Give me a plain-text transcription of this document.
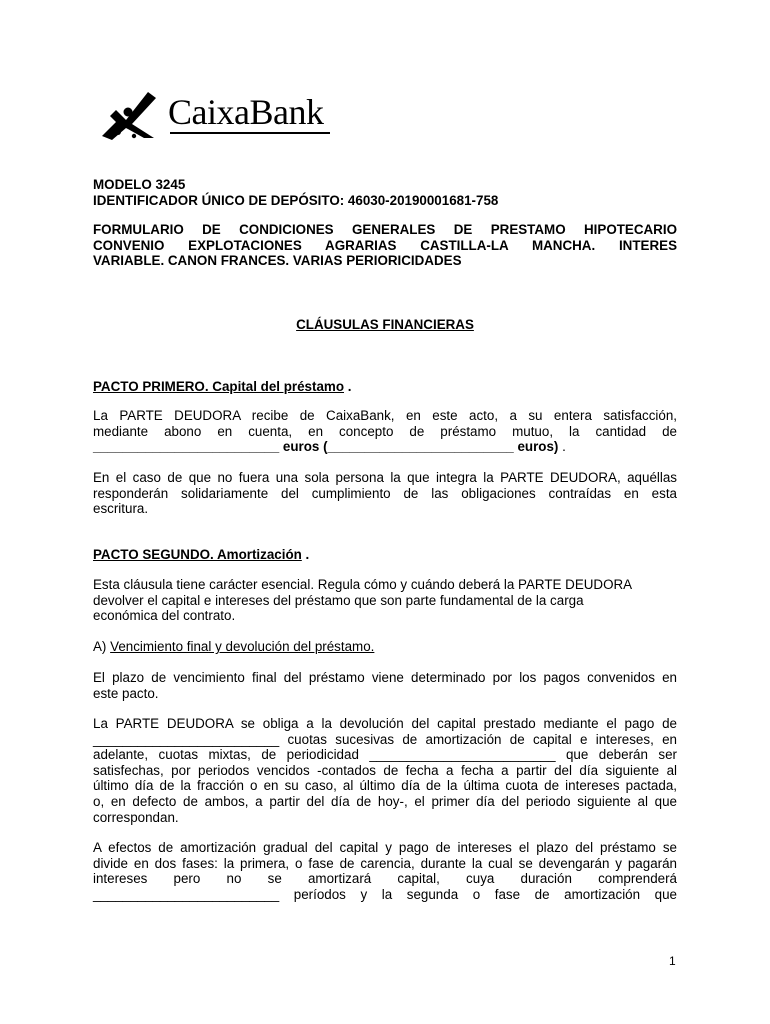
CaixaBank
MODELO 3245
IDENTIFICADOR ÚNICO DE DEPÓSITO: 46030-20190001681-758
FORMULARIO DE CONDICIONES GENERALES DE PRESTAMO HIPOTECARIO
CONVENIO EXPLOTACIONES AGRARIAS CASTILLA-LA MANCHA. INTERES
VARIABLE. CANON FRANCES. VARIAS PERIORICIDADES
CLÁUSULAS FINANCIERAS
PACTO PRIMERO. Capital del préstamo .
La PARTE DEUDORA recibe de CaixaBank, en este acto, a su entera satisfacción,
mediante abono en cuenta, en concepto de préstamo mutuo, la cantidad de
_________________________ euros (_________________________ euros) .
En el caso de que no fuera una sola persona la que integra la PARTE DEUDORA, aquéllas
responderán solidariamente del cumplimiento de las obligaciones contraídas en esta
escritura.
PACTO SEGUNDO. Amortización .
Esta cláusula tiene carácter esencial. Regula cómo y cuándo deberá la PARTE DEUDORA
devolver el capital e intereses del préstamo que son parte fundamental de la carga
económica del contrato.
A) Vencimiento final y devolución del préstamo.
El plazo de vencimiento final del préstamo viene determinado por los pagos convenidos en
este pacto.
La PARTE DEUDORA se obliga a la devolución del capital prestado mediante el pago de
_________________________ cuotas sucesivas de amortización de capital e intereses, en
adelante, cuotas mixtas, de periodicidad _________________________ que deberán ser
satisfechas, por periodos vencidos -contados de fecha a fecha a partir del día siguiente al
último día de la fracción o en su caso, al último día de la última cuota de intereses pactada,
o, en defecto de ambos, a partir del día de hoy-, el primer día del periodo siguiente al que
correspondan.
A efectos de amortización gradual del capital y pago de intereses el plazo del préstamo se
divide en dos fases: la primera, o fase de carencia, durante la cual se devengarán y pagarán
intereses pero no se amortizará capital, cuya duración comprenderá
_________________________ períodos y la segunda o fase de amortización que
1
